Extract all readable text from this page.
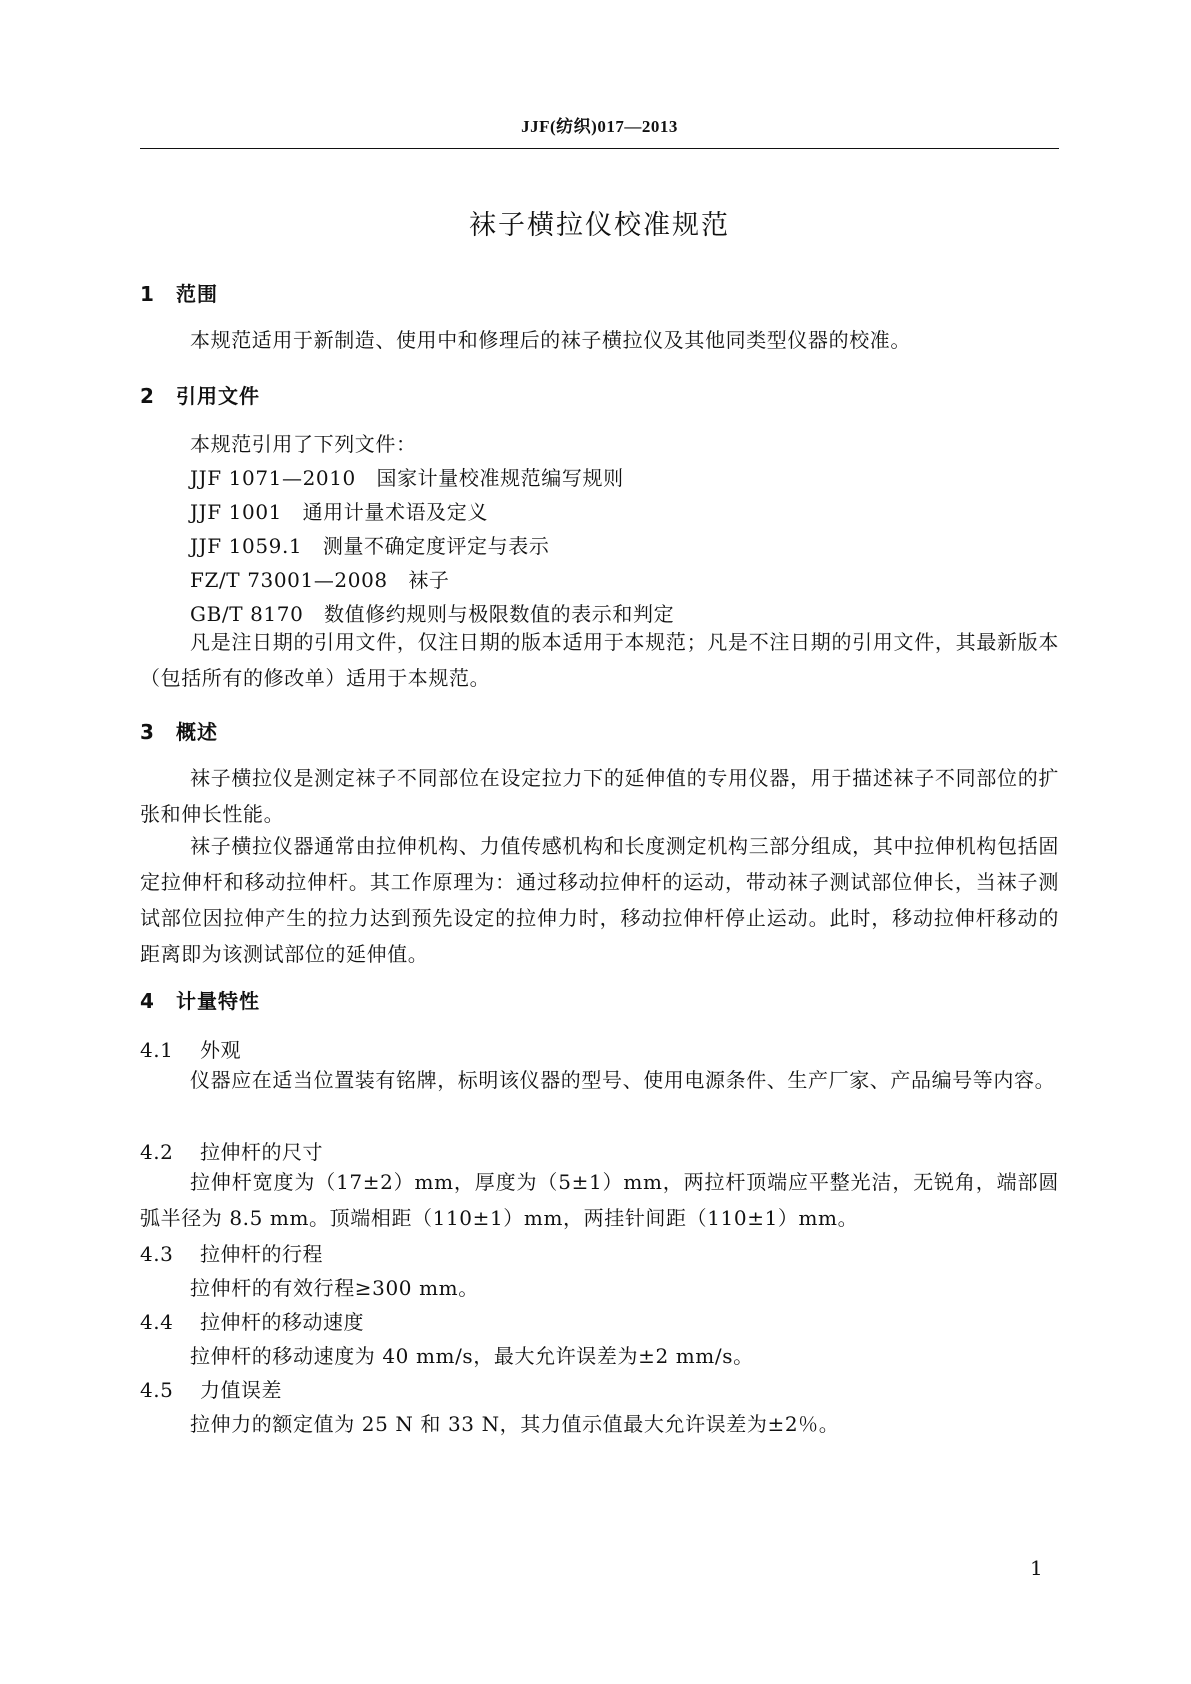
JJF(纺织)017—2013
袜子横拉仪校准规范
1 范围
本规范适用于新制造、使用中和修理后的袜子横拉仪及其他同类型仪器的校准。
2 引用文件
本规范引用了下列文件：
JJF 1071—2010　国家计量校准规范编写规则
JJF 1001　通用计量术语及定义
JJF 1059.1　测量不确定度评定与表示
FZ/T 73001—2008　袜子
GB/T 8170　数值修约规则与极限数值的表示和判定
凡是注日期的引用文件，仅注日期的版本适用于本规范；凡是不注日期的引用文件，其最新版本（包括所有的修改单）适用于本规范。
3 概述
袜子横拉仪是测定袜子不同部位在设定拉力下的延伸值的专用仪器，用于描述袜子不同部位的扩张和伸长性能。
袜子横拉仪器通常由拉伸机构、力值传感机构和长度测定机构三部分组成，其中拉伸机构包括固定拉伸杆和移动拉伸杆。其工作原理为：通过移动拉伸杆的运动，带动袜子测试部位伸长，当袜子测试部位因拉伸产生的拉力达到预先设定的拉伸力时，移动拉伸杆停止运动。此时，移动拉伸杆移动的距离即为该测试部位的延伸值。
4 计量特性
4.1 外观
仪器应在适当位置装有铭牌，标明该仪器的型号、使用电源条件、生产厂家、产品编号等内容。
4.2 拉伸杆的尺寸
拉伸杆宽度为（17±2）mm，厚度为（5±1）mm，两拉杆顶端应平整光洁，无锐角，端部圆弧半径为 8.5 mm。顶端相距（110±1）mm，两挂针间距（110±1）mm。
4.3 拉伸杆的行程
拉伸杆的有效行程≥300 mm。
4.4 拉伸杆的移动速度
拉伸杆的移动速度为 40 mm/s，最大允许误差为±2 mm/s。
4.5 力值误差
拉伸力的额定值为 25 N 和 33 N，其力值示值最大允许误差为±2％。
1
